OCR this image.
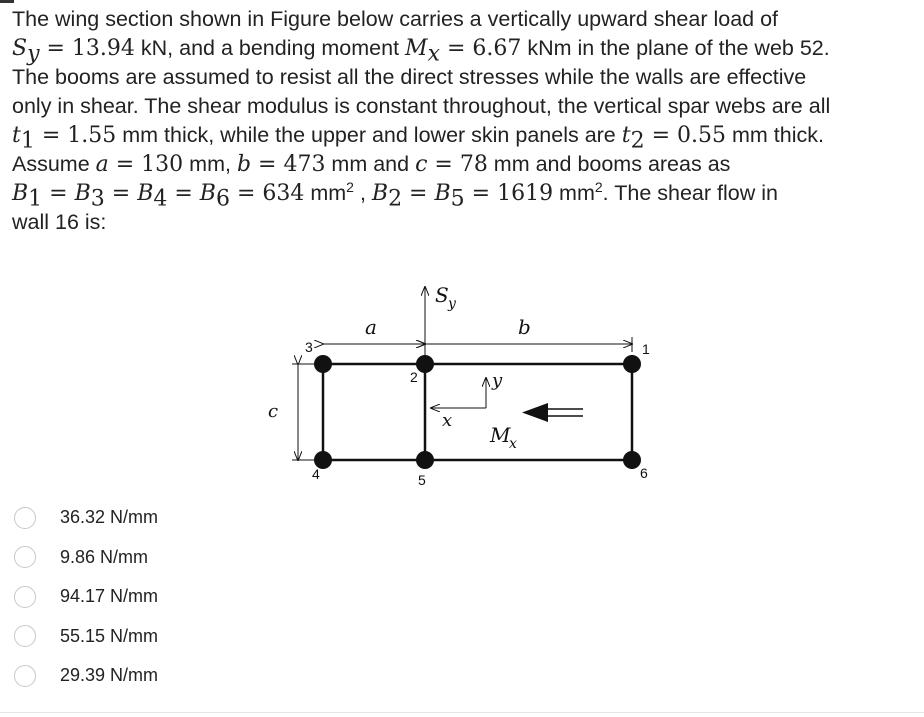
The wing section shown in Figure below carries a vertically upward shear load of

$S_y = 13.94$ kN, and a bending moment $M_x = 6.67$ kNm in the plane of the web 52.

The booms are assumed to resist all the direct stresses while the walls are effective

only in shear. The shear modulus is constant throughout, the vertical spar webs are all

$t_1 = 1.55$ mm thick, while the upper and lower skin panels are $t_2 = 0.55$ mm thick.

Assume a = 130 mm, b = 473 mm and c = 78 mm and booms areas as

$B_1 = B_3 = B_4 = B_6 = 634$ $mm^2$ , $B_2 = B_5 = 1619$ $mm^2$. The shear flow in

wall 16 is:

a	b
c
S y
y
x
M
x
1
2
3
4	5	6
36.32 N/mm
9.86 N/mm
94.17 N/mm
55.15 N/mm
29.39 N/mm
